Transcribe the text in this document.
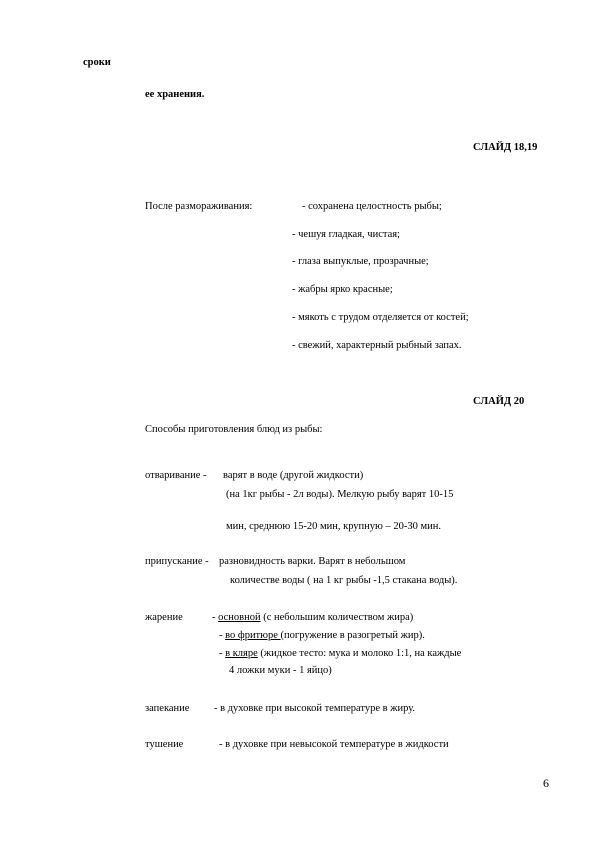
сроки
ее хранения.
СЛАЙД 18,19
После размораживания:	- сохранена целостность рыбы;
- чешуя гладкая, чистая;
- глаза выпуклые, прозрачные;
- жабры ярко красные;
- мякоть с трудом отделяется от костей;
- свежий, характерный рыбный запах.
СЛАЙД 20
Способы приготовления блюд из рыбы:
отваривание - варят в воде (другой жидкости)
(на 1кг рыбы - 2л воды). Мелкую рыбу варят 10-15
мин, среднюю 15-20 мин, крупную – 20-30 мин.
припускание - разновидность варки. Варят в небольшом
количестве воды ( на 1 кг рыбы -1,5 стакана воды).
жарение	- основной (с небольшим количеством жира)
- во фритюре (погружение в разогретый жир).
- в кляре (жидкое тесто: мука и молоко 1:1, на каждые
4 ложки муки - 1 яйцо)
запекание - в духовке при высокой температуре в жиру.
тушение	- в духовке при невысокой температуре в жидкости
6
